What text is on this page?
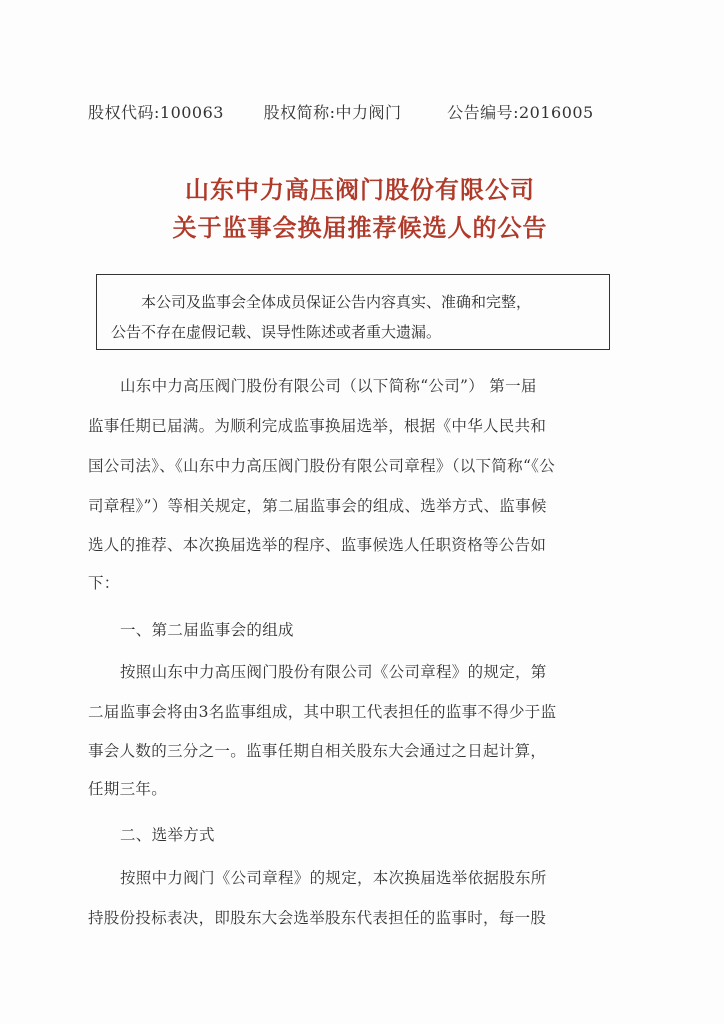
股权代码:100063 股权简称:中力阀门	公告编号:2016005
山东中力高压阀门股份有限公司
关于监事会换届推荐候选人的公告
本公司及监事会全体成员保证公告内容真实、准确和完整，
公告不存在虚假记载、误导性陈述或者重大遗漏。
山东中力高压阀门股份有限公司（以下简称“公司”） 第一届
监事任期已届满。为顺利完成监事换届选举，根据《中华人民共和
国公司法》、《山东中力高压阀门股份有限公司章程》（以下简称“《公
司章程》”）等相关规定，第二届监事会的组成、选举方式、监事候
选人的推荐、本次换届选举的程序、监事候选人任职资格等公告如
下：
一、第二届监事会的组成
按照山东中力高压阀门股份有限公司《公司章程》的规定，第
二届监事会将由3名监事组成，其中职工代表担任的监事不得少于监
事会人数的三分之一。监事任期自相关股东大会通过之日起计算，
任期三年。
二、选举方式
按照中力阀门《公司章程》的规定，本次换届选举依据股东所
持股份投标表决，即股东大会选举股东代表担任的监事时，每一股
